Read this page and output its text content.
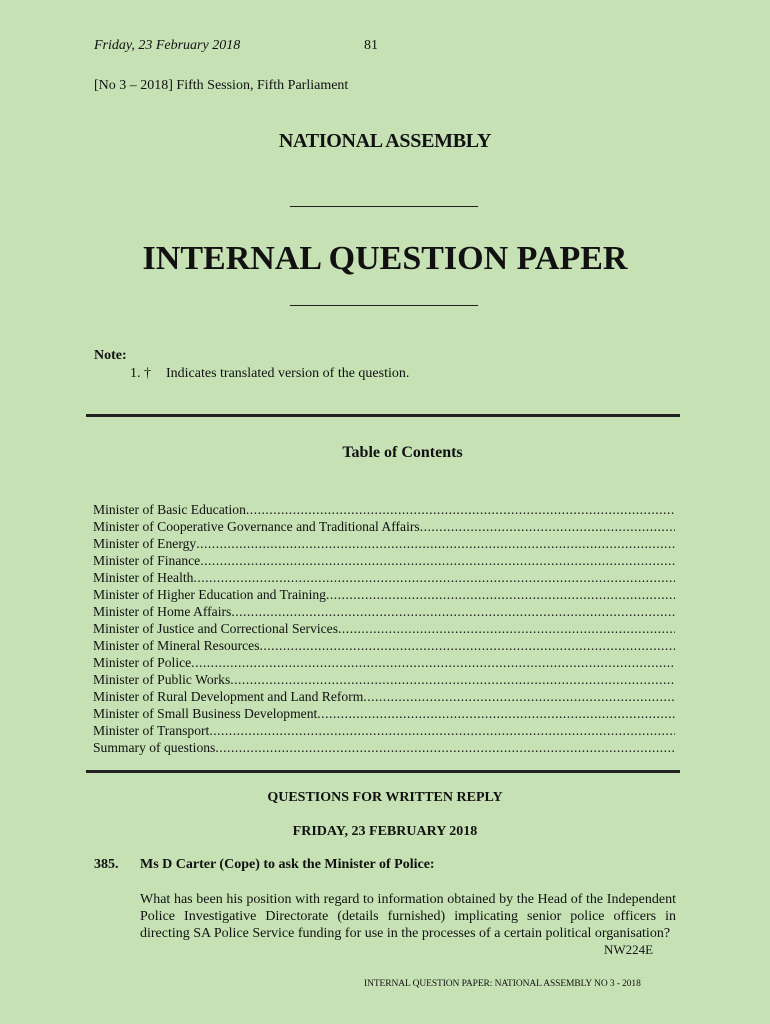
Friday, 23 February 2018	81
[No 3 – 2018] Fifth Session, Fifth Parliament
NATIONAL ASSEMBLY
INTERNAL QUESTION PAPER
Note:
1. † Indicates translated version of the question.
Table of Contents
Minister of Basic Education
.....
Minister of Cooperative Governance and Traditional Affairs
.....
Minister of Energy
.....
Minister of Finance
.....
Minister of Health
.....
Minister of Higher Education and Training
.....
Minister of Home Affairs
.....
Minister of Justice and Correctional Services
.....
Minister of Mineral Resources
.....
Minister of Police
.....
Minister of Public Works
.....
Minister of Rural Development and Land Reform
.....
Minister of Small Business Development
.....
Minister of Transport
.....
Summary of questions
.....
QUESTIONS FOR WRITTEN REPLY
FRIDAY, 23 FEBRUARY 2018
385. Ms D Carter (Cope) to ask the Minister of Police:
What has been his position with regard to information obtained by the Head of the Independent Police Investigative Directorate (details furnished) implicating senior police officers in directing SA Police Service funding for use in the processes of a certain political organisation?
NW224E
INTERNAL QUESTION PAPER: NATIONAL ASSEMBLY NO 3 - 2018
